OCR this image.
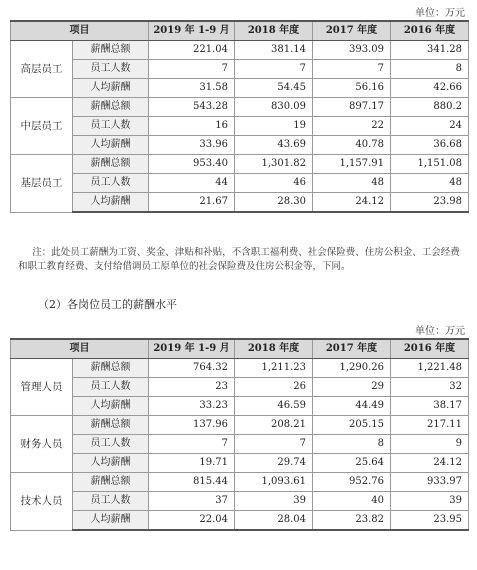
单位：万元
项目		2019 年 1-9 月	2018 年度	2017 年度	2016 年度
高层员工	薪酬总额	221.04	381.14	393.09	341.28
	员工人数	7	7	7	8
	人均薪酬	31.58	54.45	56.16	42.66
中层员工	薪酬总额	543.28	830.09	897.17	880.2
	员工人数	16	19	22	24
	人均薪酬	33.96	43.69	40.78	36.68
基层员工	薪酬总额	953.40	1,301.82	1,157.91	1,151.08
	员工人数	44	46	48	48
	人均薪酬	21.67	28.30	24.12	23.98
注：此处员工薪酬为工资、奖金、津贴和补贴，不含职工福利费、社会保险费、住房公积金、工会经费和职工教育经费、支付给借调员工原单位的社会保险费及住房公积金等，下同。
（2）各岗位员工的薪酬水平
单位：万元
项目		2019 年 1-9 月	2018 年度	2017 年度	2016 年度
管理人员	薪酬总额	764.32	1,211.23	1,290.26	1,221.48
	员工人数	23	26	29	32
	人均薪酬	33.23	46.59	44.49	38.17
财务人员	薪酬总额	137.96	208.21	205.15	217.11
	员工人数	7	7	8	9
	人均薪酬	19.71	29.74	25.64	24.12
技术人员	薪酬总额	815.44	1,093.61	952.76	933.97
	员工人数	37	39	40	39
	人均薪酬	22.04	28.04	23.82	23.95
